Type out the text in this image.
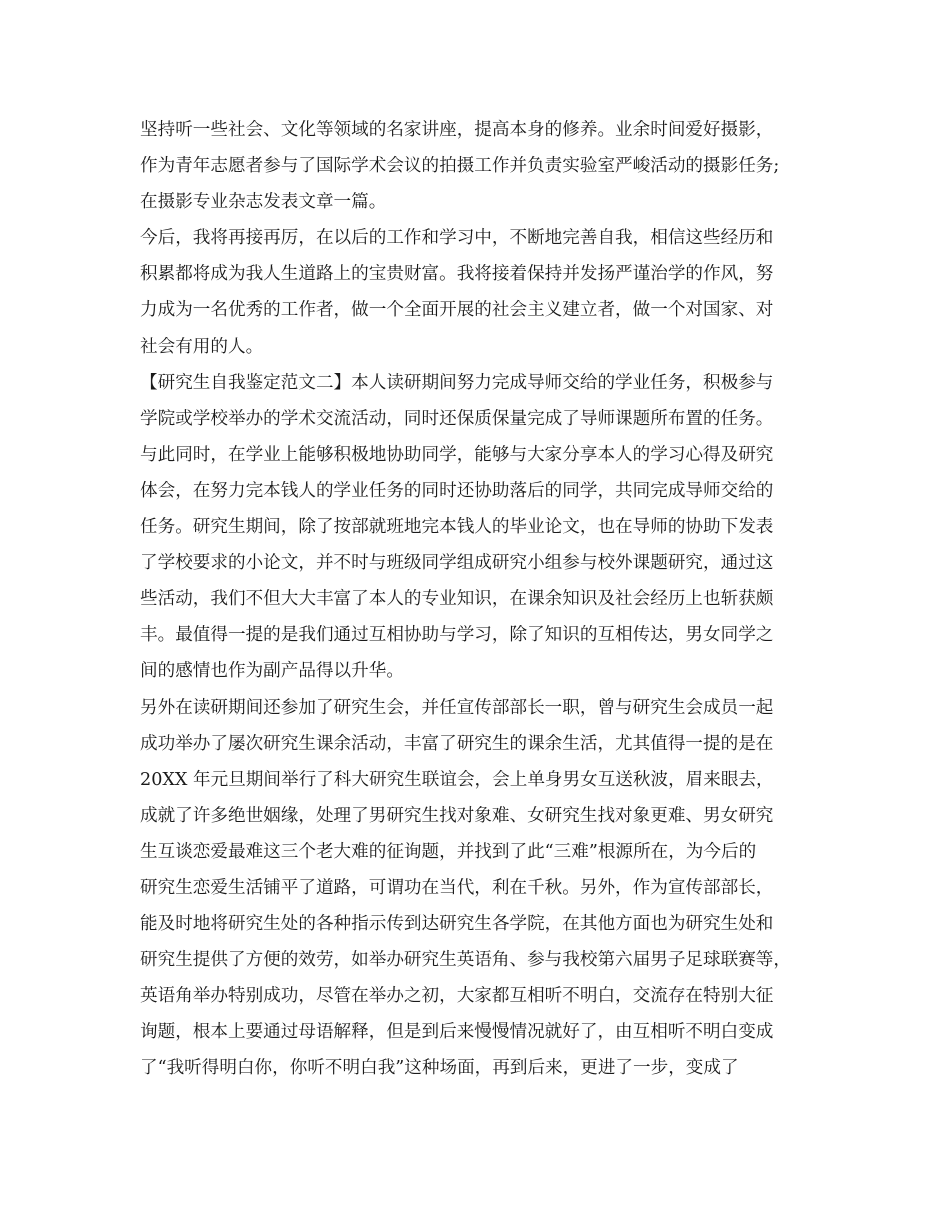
坚持听一些社会、文化等领域的名家讲座，提高本身的修养。业余时间爱好摄影，
作为青年志愿者参与了国际学术会议的拍摄工作并负责实验室严峻活动的摄影任务;
在摄影专业杂志发表文章一篇。
今后，我将再接再厉，在以后的工作和学习中，不断地完善自我，相信这些经历和
积累都将成为我人生道路上的宝贵财富。我将接着保持并发扬严谨治学的作风，努
力成为一名优秀的工作者，做一个全面开展的社会主义建立者，做一个对国家、对
社会有用的人。
【研究生自我鉴定范文二】本人读研期间努力完成导师交给的学业任务，积极参与
学院或学校举办的学术交流活动，同时还保质保量完成了导师课题所布置的任务。
与此同时，在学业上能够积极地协助同学，能够与大家分享本人的学习心得及研究
体会，在努力完本钱人的学业任务的同时还协助落后的同学，共同完成导师交给的
任务。研究生期间，除了按部就班地完本钱人的毕业论文，也在导师的协助下发表
了学校要求的小论文，并不时与班级同学组成研究小组参与校外课题研究，通过这
些活动，我们不但大大丰富了本人的专业知识，在课余知识及社会经历上也斩获颇
丰。最值得一提的是我们通过互相协助与学习，除了知识的互相传达，男女同学之
间的感情也作为副产品得以升华。
另外在读研期间还参加了研究生会，并任宣传部部长一职，曾与研究生会成员一起
成功举办了屡次研究生课余活动，丰富了研究生的课余生活，尤其值得一提的是在
20XX 年元旦期间举行了科大研究生联谊会，会上单身男女互送秋波，眉来眼去，
成就了许多绝世姻缘，处理了男研究生找对象难、女研究生找对象更难、男女研究
生互谈恋爱最难这三个老大难的征询题，并找到了此“三难”根源所在，为今后的
研究生恋爱生活铺平了道路，可谓功在当代，利在千秋。另外，作为宣传部部长，
能及时地将研究生处的各种指示传到达研究生各学院，在其他方面也为研究生处和
研究生提供了方便的效劳，如举办研究生英语角、参与我校第六届男子足球联赛等，
英语角举办特别成功，尽管在举办之初，大家都互相听不明白，交流存在特别大征
询题，根本上要通过母语解释，但是到后来慢慢情况就好了，由互相听不明白变成
了“我听得明白你，你听不明白我”这种场面，再到后来，更进了一步，变成了
